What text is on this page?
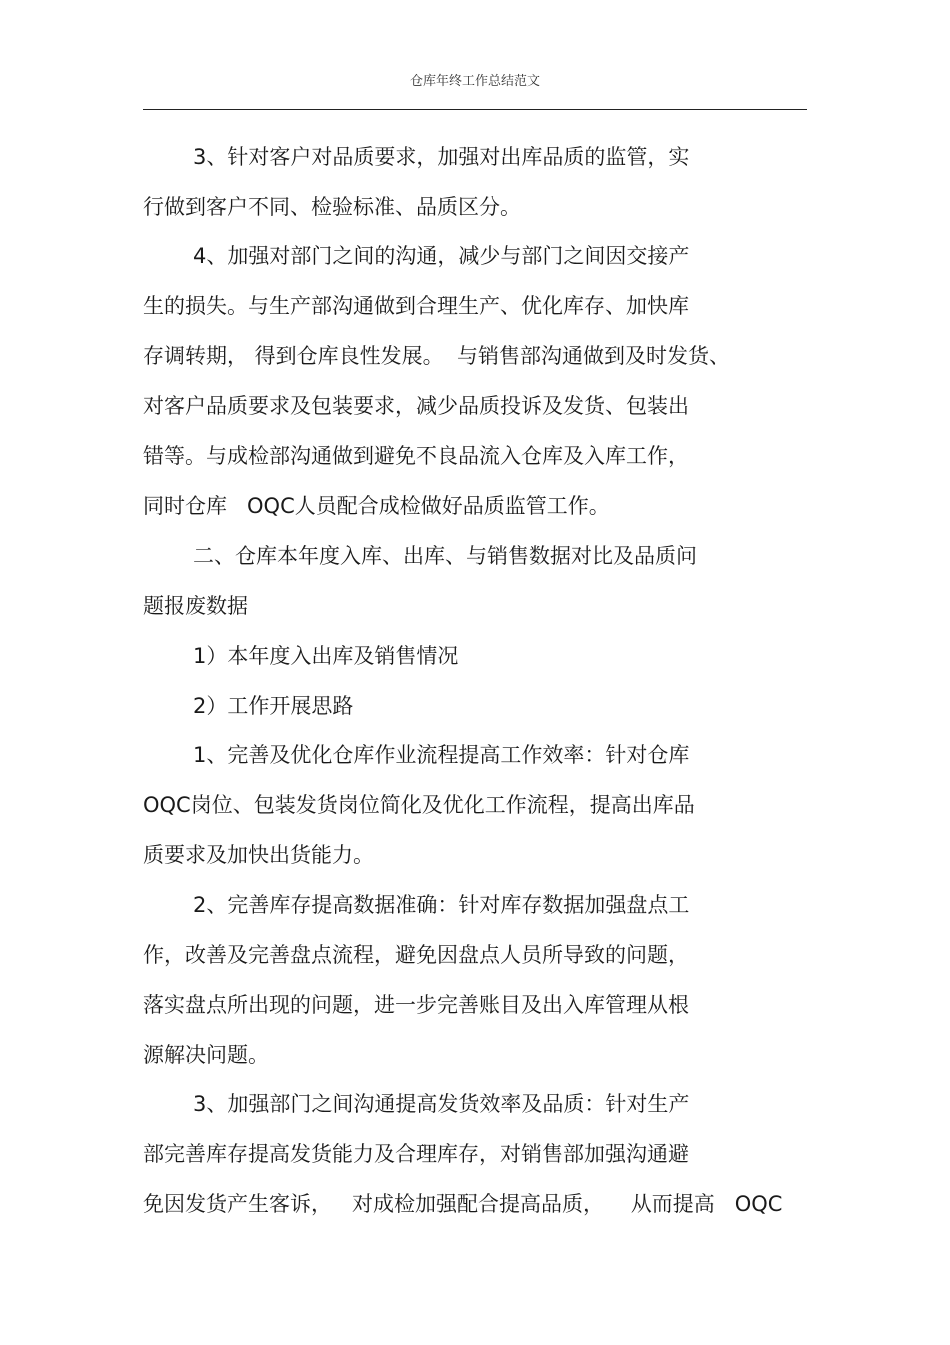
仓库年终工作总结范文
3、针对客户对品质要求，加强对出库品质的监管，实
行做到客户不同、检验标准、品质区分。
4、加强对部门之间的沟通，减少与部门之间因交接产
生的损失。与生产部沟通做到合理生产、优化库存、加快库
存调转期， 得到仓库良性发展。  与销售部沟通做到及时发货、
对客户品质要求及包装要求，减少品质投诉及发货、包装出
错等。与成检部沟通做到避免不良品流入仓库及入库工作，
同时仓库   OQC人员配合成检做好品质监管工作。
二、仓库本年度入库、出库、与销售数据对比及品质问
题报废数据
1）本年度入出库及销售情况
2）工作开展思路
1、完善及优化仓库作业流程提高工作效率：针对仓库
OQC岗位、包装发货岗位简化及优化工作流程，提高出库品
质要求及加快出货能力。
2、完善库存提高数据准确：针对库存数据加强盘点工
作，改善及完善盘点流程，避免因盘点人员所导致的问题，
落实盘点所出现的问题，进一步完善账目及出入库管理从根
源解决问题。
3、加强部门之间沟通提高发货效率及品质：针对生产
部完善库存提高发货能力及合理库存，对销售部加强沟通避
免因发货产生客诉，   对成检加强配合提高品质，    从而提高   OQC
